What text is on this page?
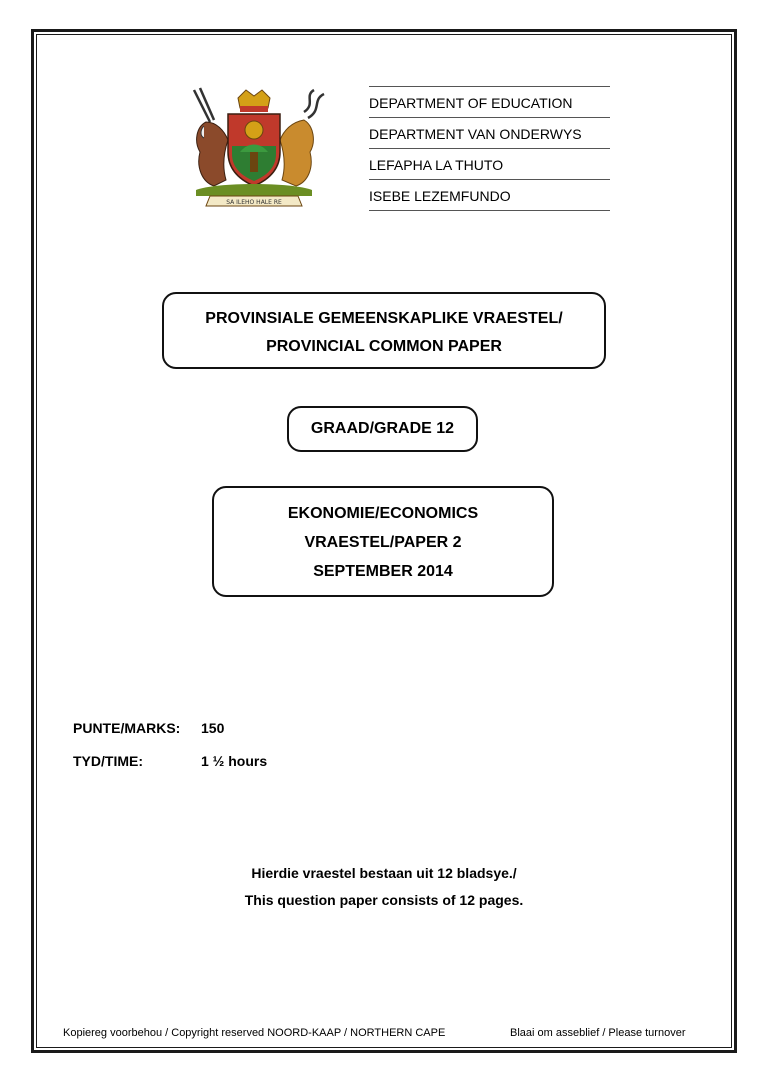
SA ILEHO HALE RE
DEPARTMENT OF EDUCATION
DEPARTMENT VAN ONDERWYS
LEFAPHA LA THUTO
ISEBE LEZEMFUNDO
PROVINSIALE GEMEENSKAPLIKE VRAESTEL/
PROVINCIAL COMMON PAPER
GRAAD/GRADE 12
EKONOMIE/ECONOMICS
VRAESTEL/PAPER 2
SEPTEMBER 2014
PUNTE/MARKS: 150
TYD/TIME:	1 ½ hours
Hierdie vraestel bestaan uit 12 bladsye./
This question paper consists of 12 pages.
Kopiereg voorbehou / Copyright reserved NOORD-KAAP / NORTHERN CAPE	Blaai om asseblief / Please turnover
